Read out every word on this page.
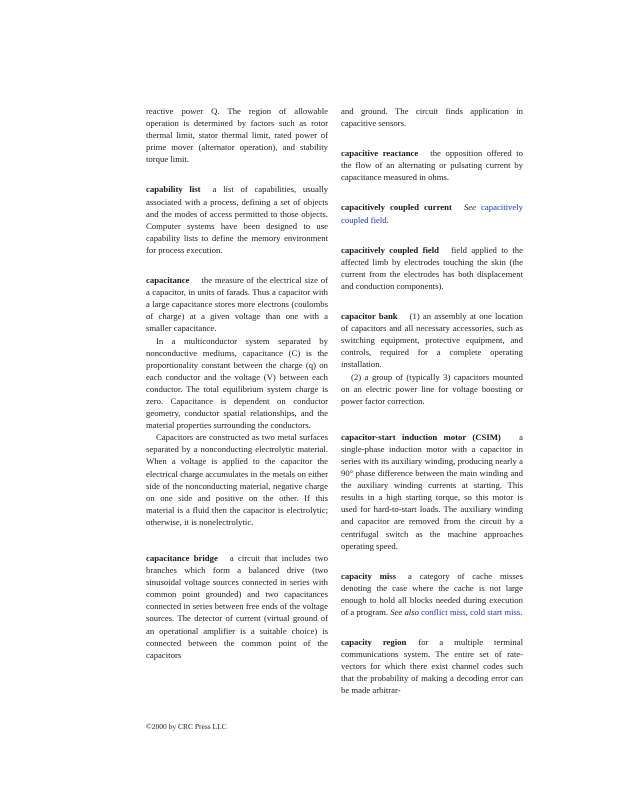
reactive power Q. The region of allowable operation is determined by factors such as rotor thermal limit, stator thermal limit, rated power of prime mover (alternator operation), and stability torque limit.
capability list a list of capabilities, usually associated with a process, defining a set of objects and the modes of access permitted to those objects. Computer systems have been designed to use capability lists to define the memory environment for process execution.

capacitance the measure of the electrical size of a capacitor, in units of farads. Thus a capacitor with a large capacitance stores more electrons (coulombs of charge) at a given voltage than one with a smaller capacitance.

In a multiconductor system separated by nonconductive mediums, capacitance (C) is the proportionality constant between the charge (q) on each conductor and the voltage (V) between each conductor. The total equilibrium system charge is zero. Capacitance is dependent on conductor geometry, conductor spatial relationships, and the material properties surrounding the conductors.

Capacitors are constructed as two metal surfaces separated by a nonconducting electrolytic material. When a voltage is applied to the capacitor the electrical charge accumulates in the metals on either side of the nonconducting material, negative charge on one side and positive on the other. If this material is a fluid then the capacitor is electrolytic; otherwise, it is nonelectrolytic.

capacitance bridge a circuit that includes two branches which form a balanced drive (two sinusoidal voltage sources connected in series with common point grounded) and two capacitances connected in series between free ends of the voltage sources. The detector of current (virtual ground of an operational amplifier is a suitable choice) is connected between the common point of the capacitors
and ground. The circuit finds application in capacitive sensors.
capacitive reactance the opposition offered to the flow of an alternating or pulsating current by capacitance measured in ohms.
capacitively coupled current See capacitively coupled field.
capacitively coupled field field applied to the affected limb by electrodes touching the skin (the current from the electrodes has both displacement and conduction components).

capacitor bank (1) an assembly at one location of capacitors and all necessary accessories, such as switching equipment, protective equipment, and controls, required for a complete operating installation.

(2) a group of (typically 3) capacitors mounted on an electric power line for voltage boosting or power factor correction.

capacitor-start induction motor (CSIM) a single-phase induction motor with a capacitor in series with its auxiliary winding, producing nearly a 90° phase difference between the main winding and the auxiliary winding currents at starting. This results in a high starting torque, so this motor is used for hard-to-start loads. The auxiliary winding and capacitor are removed from the circuit by a centrifugal switch as the machine approaches operating speed.
capacity miss a category of cache misses denoting the case where the cache is not large enough to hold all blocks needed during execution of a program. See also conflict miss, cold start miss.
capacity region for a multiple terminal communications system. The entire set of rate-vectors for which there exist channel codes such that the probability of making a decoding error can be made arbitrar-
©2000 by CRC Press LLC
